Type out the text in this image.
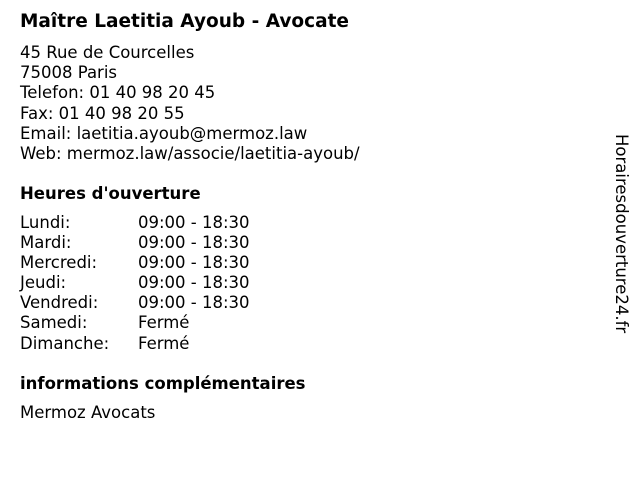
Maître Laetitia Ayoub - Avocate
45 Rue de Courcelles
75008 Paris
Telefon: 01 40 98 20 45
Fax: 01 40 98 20 55
Email: laetitia.ayoub@mermoz.law
Web: mermoz.law/associe/laetitia-ayoub/
Heures d'ouverture
Lundi:	09:00 - 18:30
Mardi:	09:00 - 18:30
Mercredi:	09:00 - 18:30
Jeudi:	09:00 - 18:30
Vendredi:	09:00 - 18:30
Samedi:	Fermé
Dimanche:	Fermé
informations complémentaires
Mermoz Avocats
Horairesdouverture24.fr
